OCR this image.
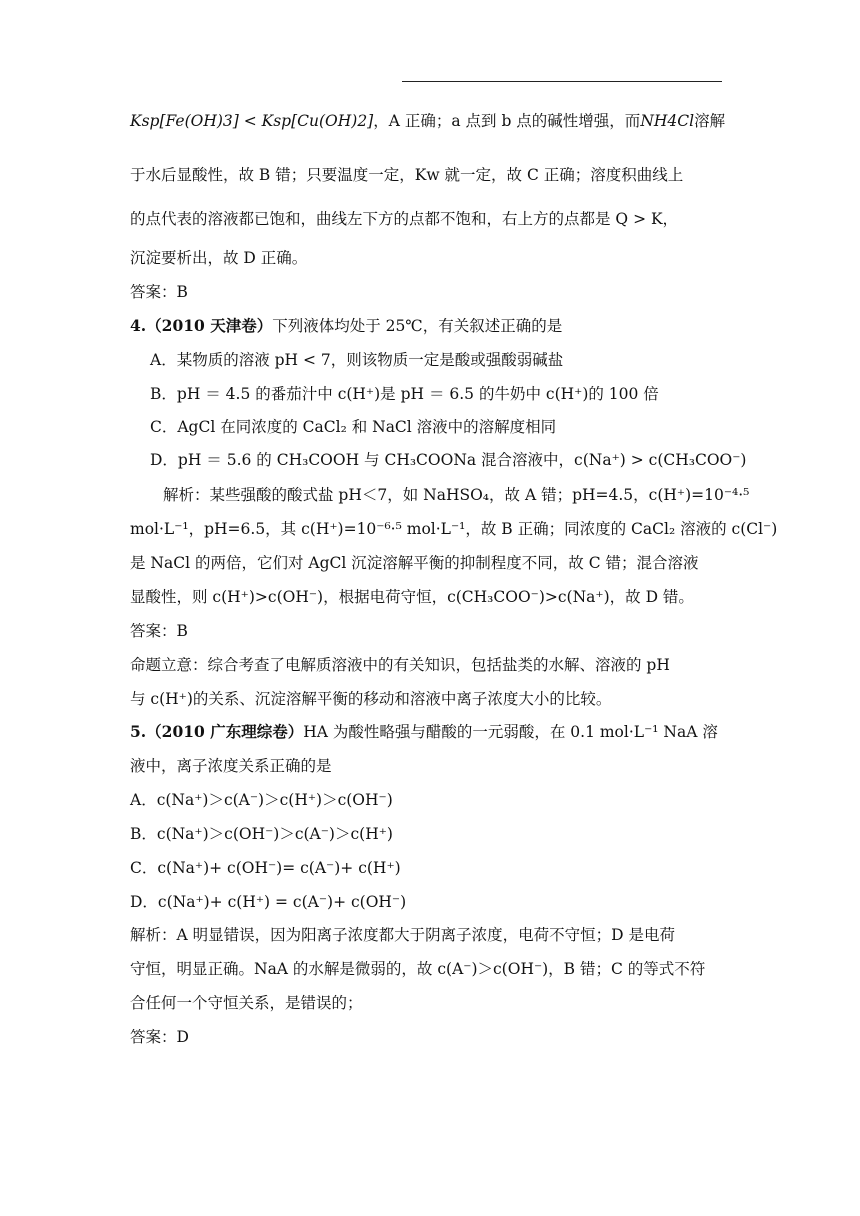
Ksp[Fe(OH)3] < Ksp[Cu(OH)2]，A 正确；a 点到 b 点的碱性增强，而NH4Cl溶解
于水后显酸性，故 B 错；只要温度一定，Kw 就一定，故 C 正确；溶度积曲线上
的点代表的溶液都已饱和，曲线左下方的点都不饱和，右上方的点都是 Q > K，
沉淀要析出，故 D 正确。
答案：B
4.（2010 天津卷）下列液体均处于 25℃，有关叙述正确的是
A．某物质的溶液 pH < 7，则该物质一定是酸或强酸弱碱盐
B．pH ＝ 4.5 的番茄汁中 c(H⁺)是 pH ＝ 6.5 的牛奶中 c(H⁺)的 100 倍
C．AgCl 在同浓度的 CaCl₂ 和 NaCl 溶液中的溶解度相同
D．pH ＝ 5.6 的 CH₃COOH 与 CH₃COONa 混合溶液中，c(Na⁺) > c(CH₃COO⁻)
解析：某些强酸的酸式盐 pH＜7，如 NaHSO₄，故 A 错；pH=4.5，c(H⁺)=10⁻⁴·⁵
mol·L⁻¹，pH=6.5，其 c(H⁺)=10⁻⁶·⁵ mol·L⁻¹，故 B 正确；同浓度的 CaCl₂ 溶液的 c(Cl⁻)
是 NaCl 的两倍，它们对 AgCl 沉淀溶解平衡的抑制程度不同，故 C 错；混合溶液
显酸性，则 c(H⁺)>c(OH⁻)，根据电荷守恒，c(CH₃COO⁻)>c(Na⁺)，故 D 错。
答案：B
命题立意：综合考查了电解质溶液中的有关知识，包括盐类的水解、溶液的 pH
与 c(H⁺)的关系、沉淀溶解平衡的移动和溶液中离子浓度大小的比较。
5.（2010 广东理综卷）HA 为酸性略强与醋酸的一元弱酸，在 0.1 mol·L⁻¹ NaA 溶
液中，离子浓度关系正确的是
A．c(Na⁺)＞c(A⁻)＞c(H⁺)＞c(OH⁻)
B．c(Na⁺)＞c(OH⁻)＞c(A⁻)＞c(H⁺)
C．c(Na⁺)+ c(OH⁻)= c(A⁻)+ c(H⁺)
D．c(Na⁺)+ c(H⁺) = c(A⁻)+ c(OH⁻)
解析：A 明显错误，因为阳离子浓度都大于阴离子浓度，电荷不守恒；D 是电荷
守恒，明显正确。NaA 的水解是微弱的，故 c(A⁻)＞c(OH⁻)，B 错；C 的等式不符
合任何一个守恒关系，是错误的；
答案：D
